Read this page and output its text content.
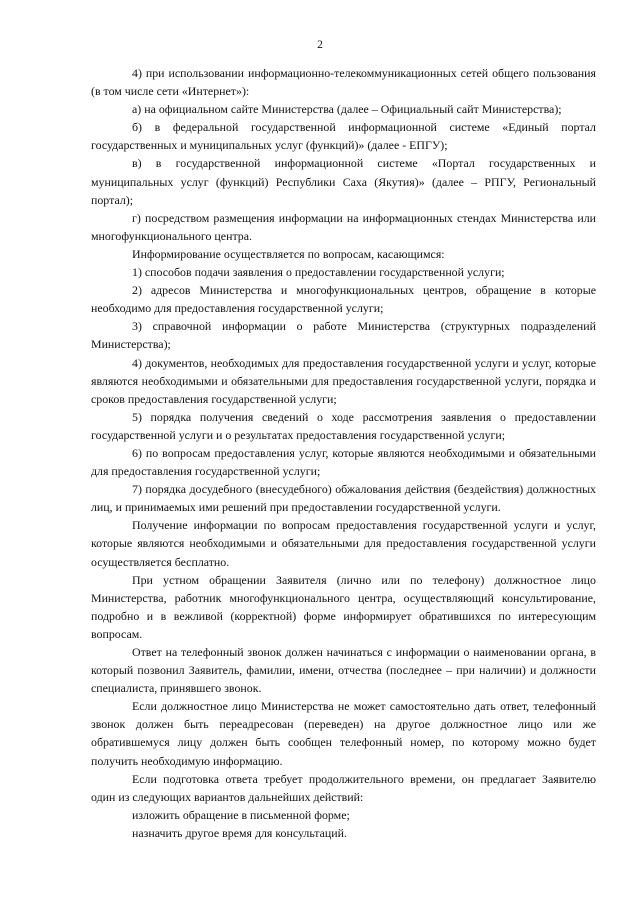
2

4) при использовании информационно-телекоммуникационных сетей общего пользования (в том числе сети «Интернет»):

а) на официальном сайте Министерства (далее – Официальный сайт Министерства);

б) в федеральной государственной информационной системе «Единый портал государственных и муниципальных услуг (функций)» (далее - ЕПГУ);

в) в государственной информационной системе «Портал государственных и муниципальных услуг (функций) Республики Саха (Якутия)» (далее – РПГУ, Региональный портал);

г) посредством размещения информации на информационных стендах Министерства или многофункционального центра.

Информирование осуществляется по вопросам, касающимся:

1) способов подачи заявления о предоставлении государственной услуги;

2) адресов Министерства и многофункциональных центров, обращение в которые необходимо для предоставления государственной услуги;

3) справочной информации о работе Министерства (структурных подразделений Министерства);

4) документов, необходимых для предоставления государственной услуги и услуг, которые являются необходимыми и обязательными для предоставления государственной услуги, порядка и сроков предоставления государственной услуги;

5) порядка получения сведений о ходе рассмотрения заявления о предоставлении государственной услуги и о результатах предоставления государственной услуги;

6) по вопросам предоставления услуг, которые являются необходимыми и обязательными для предоставления государственной услуги;

7) порядка досудебного (внесудебного) обжалования действия (бездействия) должностных лиц, и принимаемых ими решений при предоставлении государственной услуги.

Получение информации по вопросам предоставления государственной услуги и услуг, которые являются необходимыми и обязательными для предоставления государственной услуги осуществляется бесплатно.

При устном обращении Заявителя (лично или по телефону) должностное лицо Министерства, работник многофункционального центра, осуществляющий консультирование, подробно и в вежливой (корректной) форме информирует обратившихся по интересующим вопросам.

Ответ на телефонный звонок должен начинаться с информации о наименовании органа, в который позвонил Заявитель, фамилии, имени, отчества (последнее – при наличии) и должности специалиста, принявшего звонок.

Если должностное лицо Министерства не может самостоятельно дать ответ, телефонный звонок должен быть переадресован (переведен) на другое должностное лицо или же обратившемуся лицу должен быть сообщен телефонный номер, по которому можно будет получить необходимую информацию.

Если подготовка ответа требует продолжительного времени, он предлагает Заявителю один из следующих вариантов дальнейших действий:

изложить обращение в письменной форме;

назначить другое время для консультаций.
